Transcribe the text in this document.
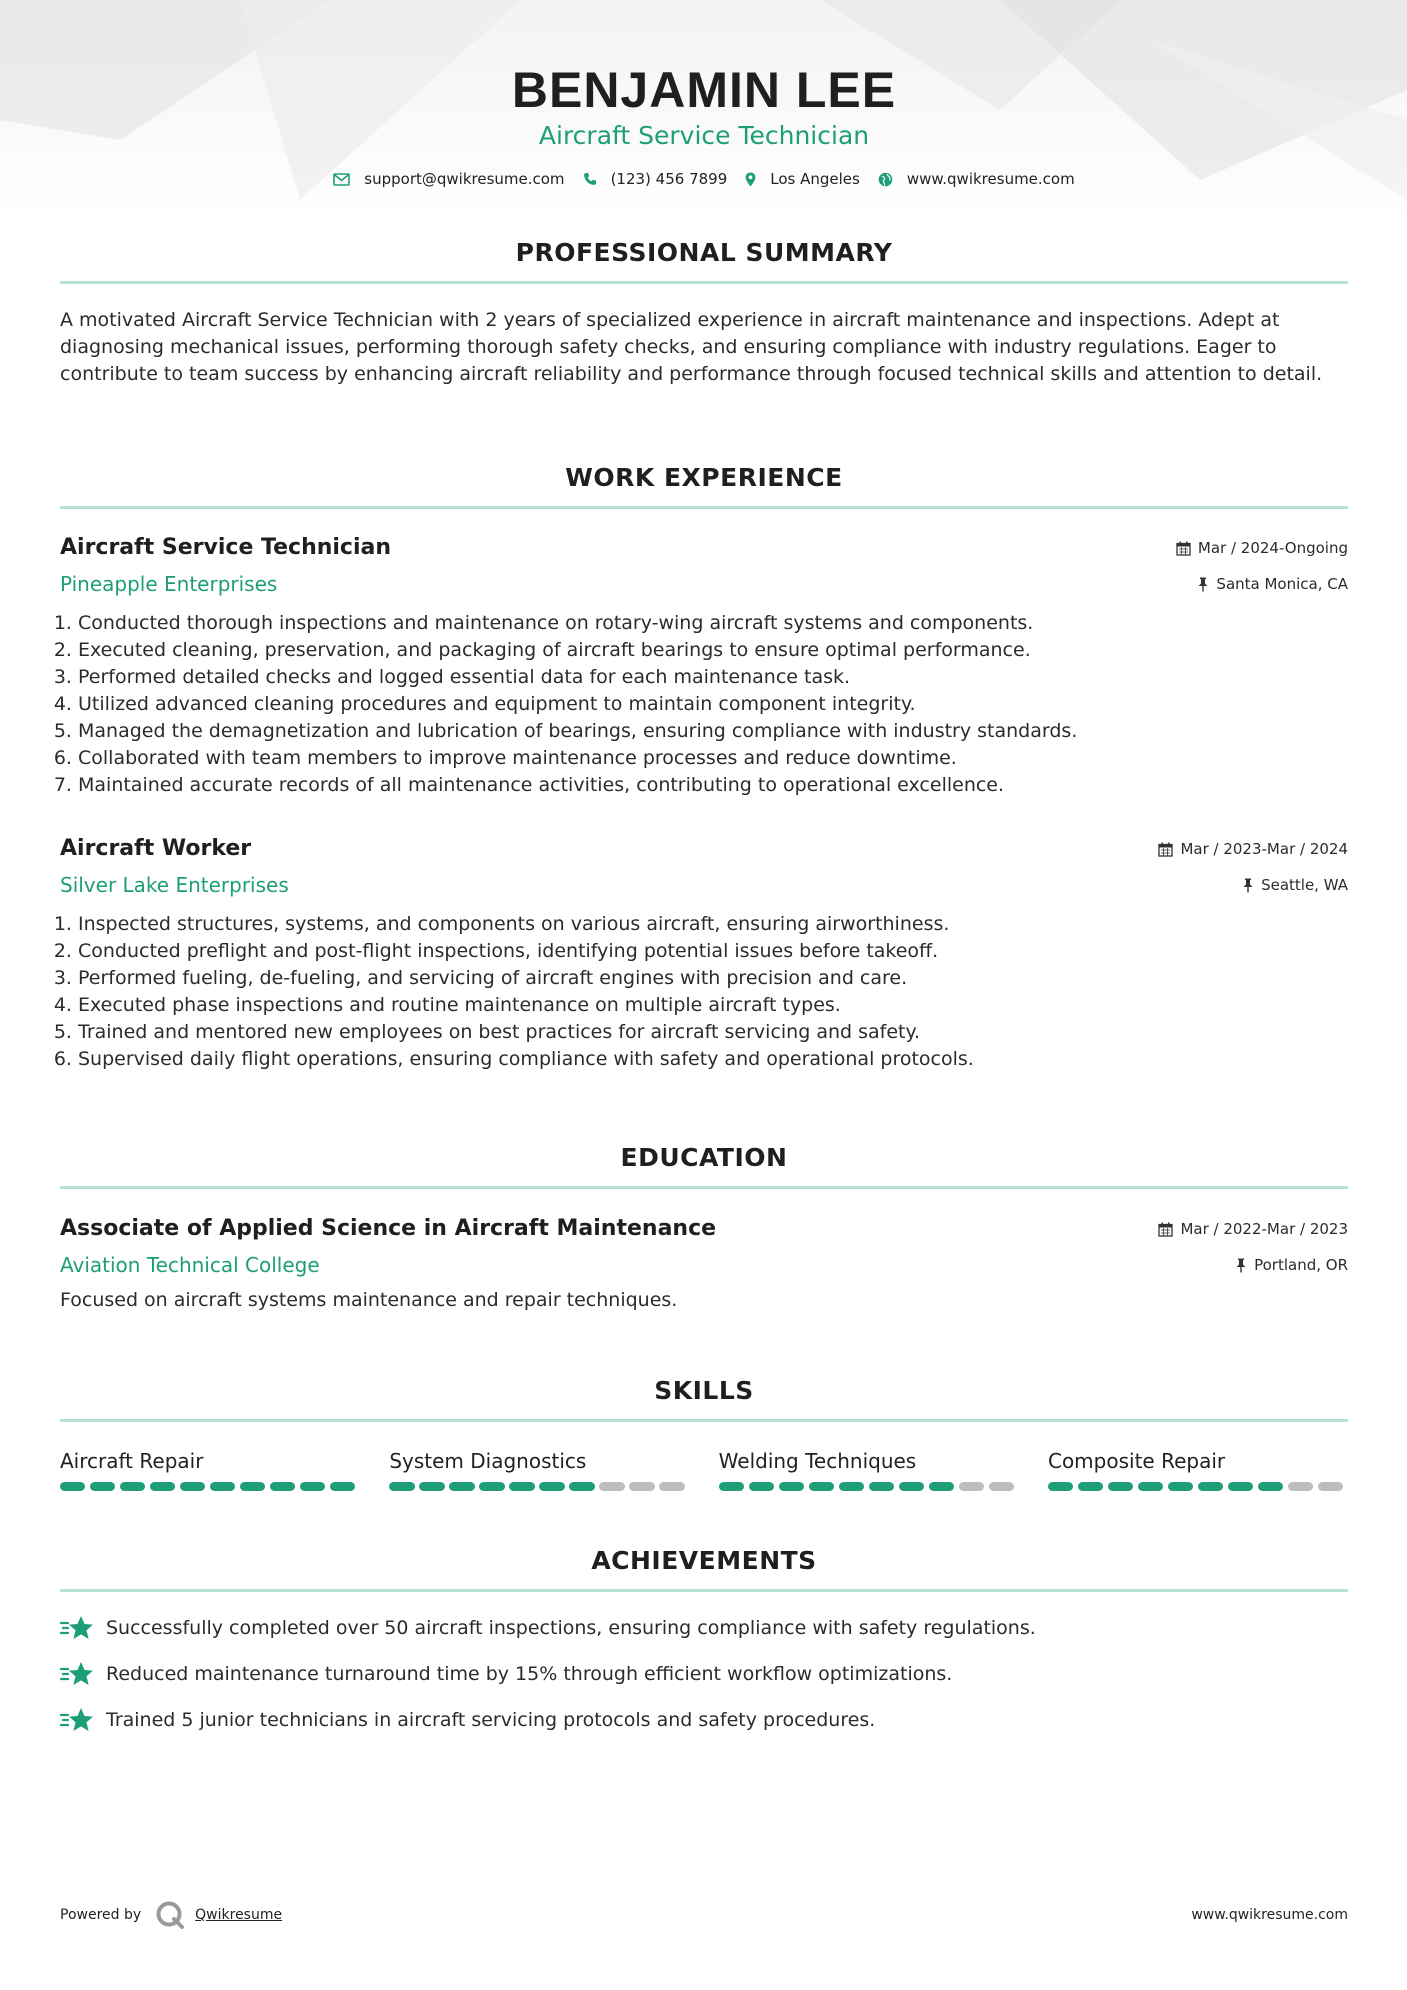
BENJAMIN LEE
Aircraft Service Technician
support@qwikresume.com	(123) 456 7899	Los Angeles	www.qwikresume.com
PROFESSIONAL SUMMARY
A motivated Aircraft Service Technician with 2 years of specialized experience in aircraft maintenance and inspections. Adept at diagnosing mechanical issues, performing thorough safety checks, and ensuring compliance with industry regulations. Eager to contribute to team success by enhancing aircraft reliability and performance through focused technical skills and attention to detail.
WORK EXPERIENCE
Aircraft Service Technician	Mar / 2024-Ongoing
Pineapple Enterprises	Santa Monica, CA
1. Conducted thorough inspections and maintenance on rotary-wing aircraft systems and components.
2. Executed cleaning, preservation, and packaging of aircraft bearings to ensure optimal performance.
3. Performed detailed checks and logged essential data for each maintenance task.
4. Utilized advanced cleaning procedures and equipment to maintain component integrity.
5. Managed the demagnetization and lubrication of bearings, ensuring compliance with industry standards.
6. Collaborated with team members to improve maintenance processes and reduce downtime.
7. Maintained accurate records of all maintenance activities, contributing to operational excellence.
Aircraft Worker	Mar / 2023-Mar / 2024
Silver Lake Enterprises	Seattle, WA
1. Inspected structures, systems, and components on various aircraft, ensuring airworthiness.
2. Conducted preflight and post-flight inspections, identifying potential issues before takeoff.
3. Performed fueling, de-fueling, and servicing of aircraft engines with precision and care.
4. Executed phase inspections and routine maintenance on multiple aircraft types.
5. Trained and mentored new employees on best practices for aircraft servicing and safety.
6. Supervised daily flight operations, ensuring compliance with safety and operational protocols.
EDUCATION
Associate of Applied Science in Aircraft Maintenance	Mar / 2022-Mar / 2023
Aviation Technical College	Portland, OR
Focused on aircraft systems maintenance and repair techniques.
SKILLS
Aircraft Repair	System Diagnostics	Welding Techniques	Composite Repair
ACHIEVEMENTS
Successfully completed over 50 aircraft inspections, ensuring compliance with safety regulations.
Reduced maintenance turnaround time by 15% through efficient workflow optimizations.
Trained 5 junior technicians in aircraft servicing protocols and safety procedures.
Powered by	Qwikresume	www.qwikresume.com
